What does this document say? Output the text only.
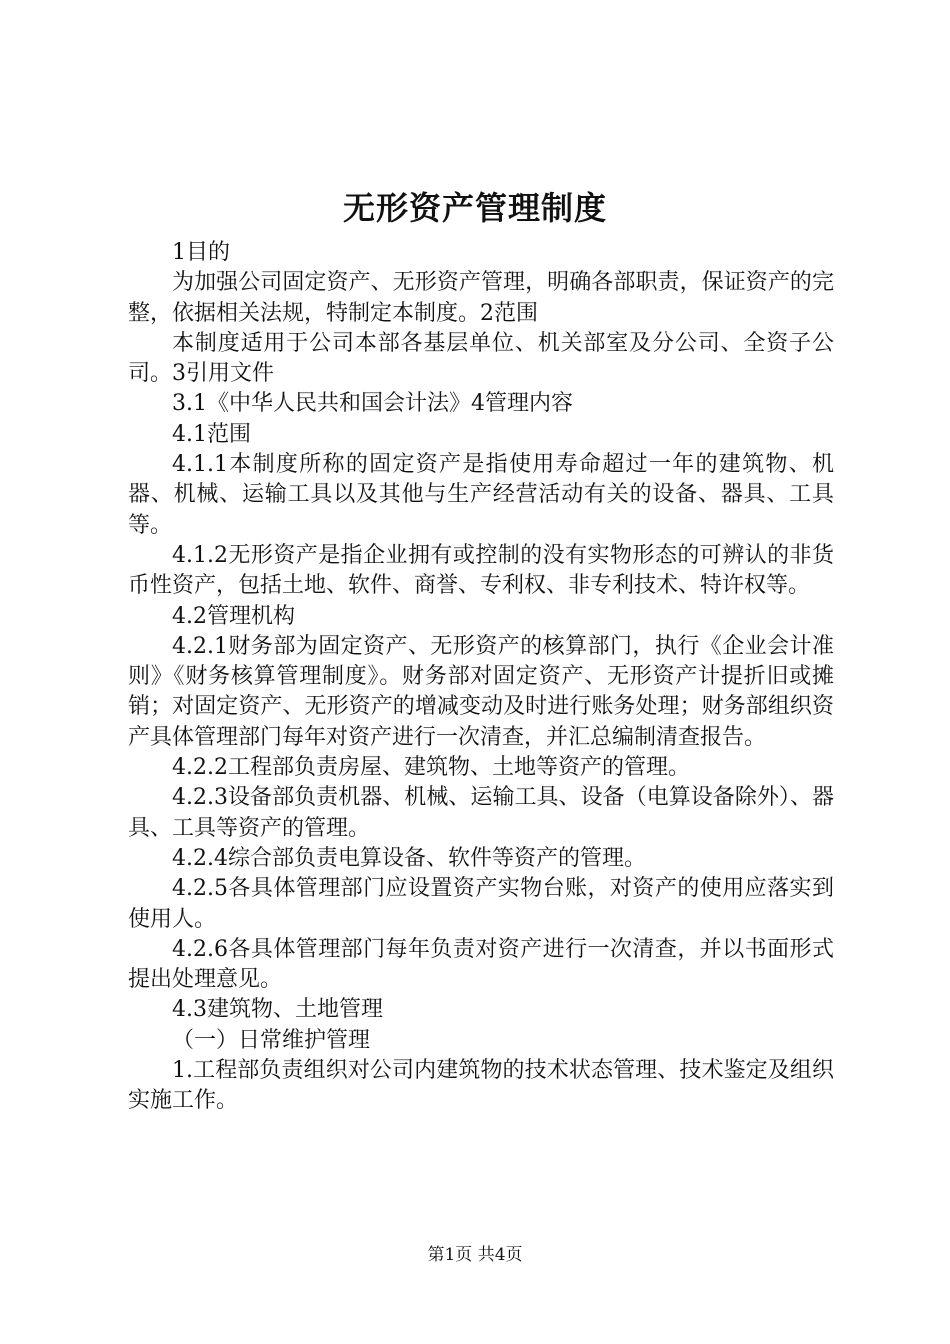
无形资产管理制度

1目的

为加强公司固定资产、无形资产管理，明确各部职责，保证资产的完整，依据相关法规，特制定本制度。2范围

本制度适用于公司本部各基层单位、机关部室及分公司、全资子公司。3引用文件

3.1《中华人民共和国会计法》4管理内容

4.1范围

4.1.1本制度所称的固定资产是指使用寿命超过一年的建筑物、机器、机械、运输工具以及其他与生产经营活动有关的设备、器具、工具等。

4.1.2无形资产是指企业拥有或控制的没有实物形态的可辨认的非货币性资产，包括土地、软件、商誉、专利权、非专利技术、特许权等。

4.2管理机构

4.2.1财务部为固定资产、无形资产的核算部门，执行《企业会计准则》《财务核算管理制度》。财务部对固定资产、无形资产计提折旧或摊销；对固定资产、无形资产的增减变动及时进行账务处理；财务部组织资产具体管理部门每年对资产进行一次清查，并汇总编制清查报告。

4.2.2工程部负责房屋、建筑物、土地等资产的管理。

4.2.3设备部负责机器、机械、运输工具、设备（电算设备除外）、器具、工具等资产的管理。

4.2.4综合部负责电算设备、软件等资产的管理。

4.2.5各具体管理部门应设置资产实物台账，对资产的使用应落实到使用人。

4.2.6各具体管理部门每年负责对资产进行一次清查，并以书面形式提出处理意见。

4.3建筑物、土地管理

（一）日常维护管理

1.工程部负责组织对公司内建筑物的技术状态管理、技术鉴定及组织实施工作。

第1页 共4页
